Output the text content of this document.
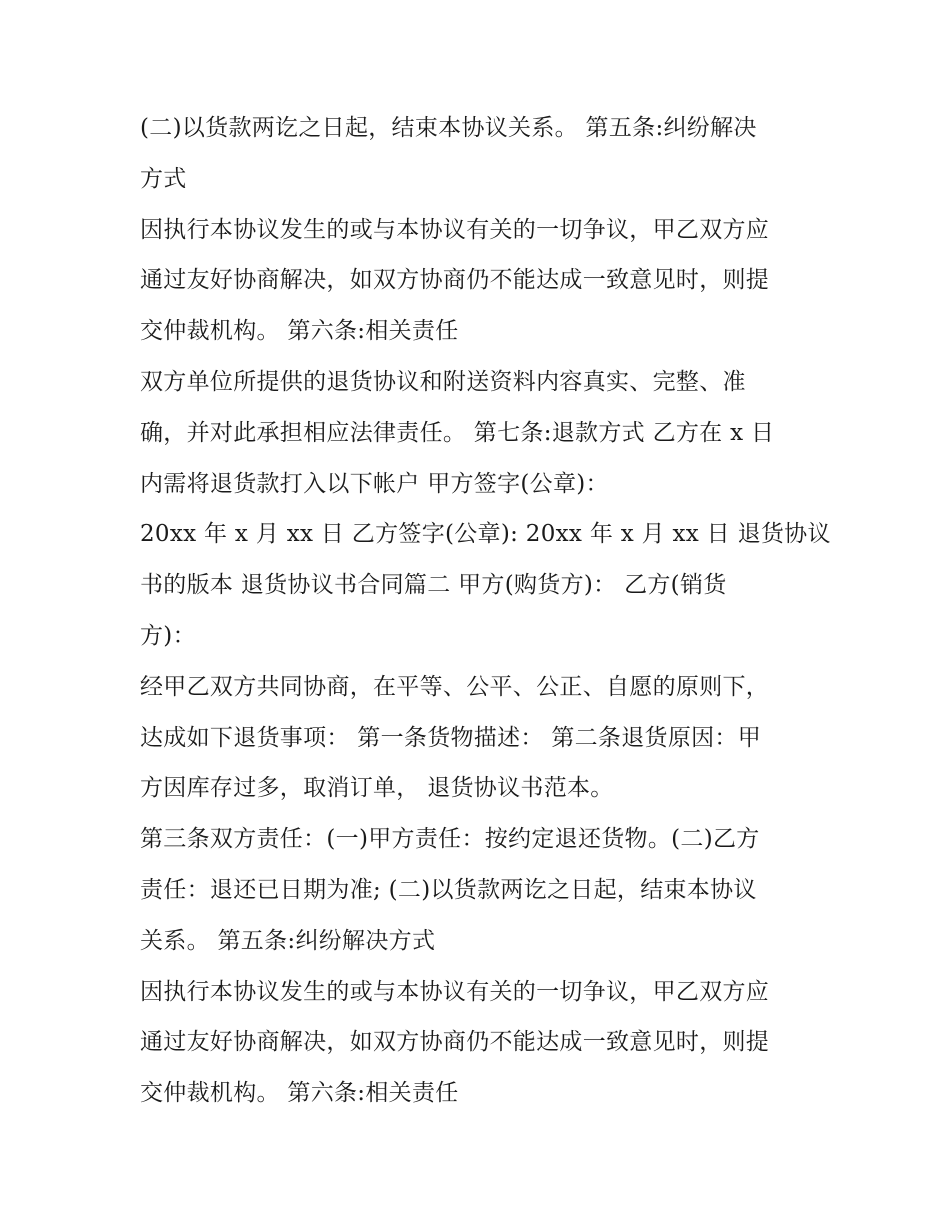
(二)以货款两讫之日起，结束本协议关系。 第五条:纠纷解决
方式
因执行本协议发生的或与本协议有关的一切争议，甲乙双方应
通过友好协商解决，如双方协商仍不能达成一致意见时，则提
交仲裁机构。 第六条:相关责任
双方单位所提供的退货协议和附送资料内容真实、完整、准
确，并对此承担相应法律责任。 第七条:退款方式 乙方在 x 日
内需将退货款打入以下帐户 甲方签字(公章)：
20xx 年 x 月 xx 日 乙方签字(公章): 20xx 年 x 月 xx 日 退货协议
书的版本 退货协议书合同篇二 甲方(购货方)： 乙方(销货
方)：
经甲乙双方共同协商，在平等、公平、公正、自愿的原则下，
达成如下退货事项： 第一条货物描述： 第二条退货原因：甲
方因库存过多，取消订单， 退货协议书范本。
第三条双方责任：(一)甲方责任：按约定退还货物。(二)乙方
责任：退还已日期为准; (二)以货款两讫之日起，结束本协议
关系。 第五条:纠纷解决方式
因执行本协议发生的或与本协议有关的一切争议，甲乙双方应
通过友好协商解决，如双方协商仍不能达成一致意见时，则提
交仲裁机构。 第六条:相关责任
